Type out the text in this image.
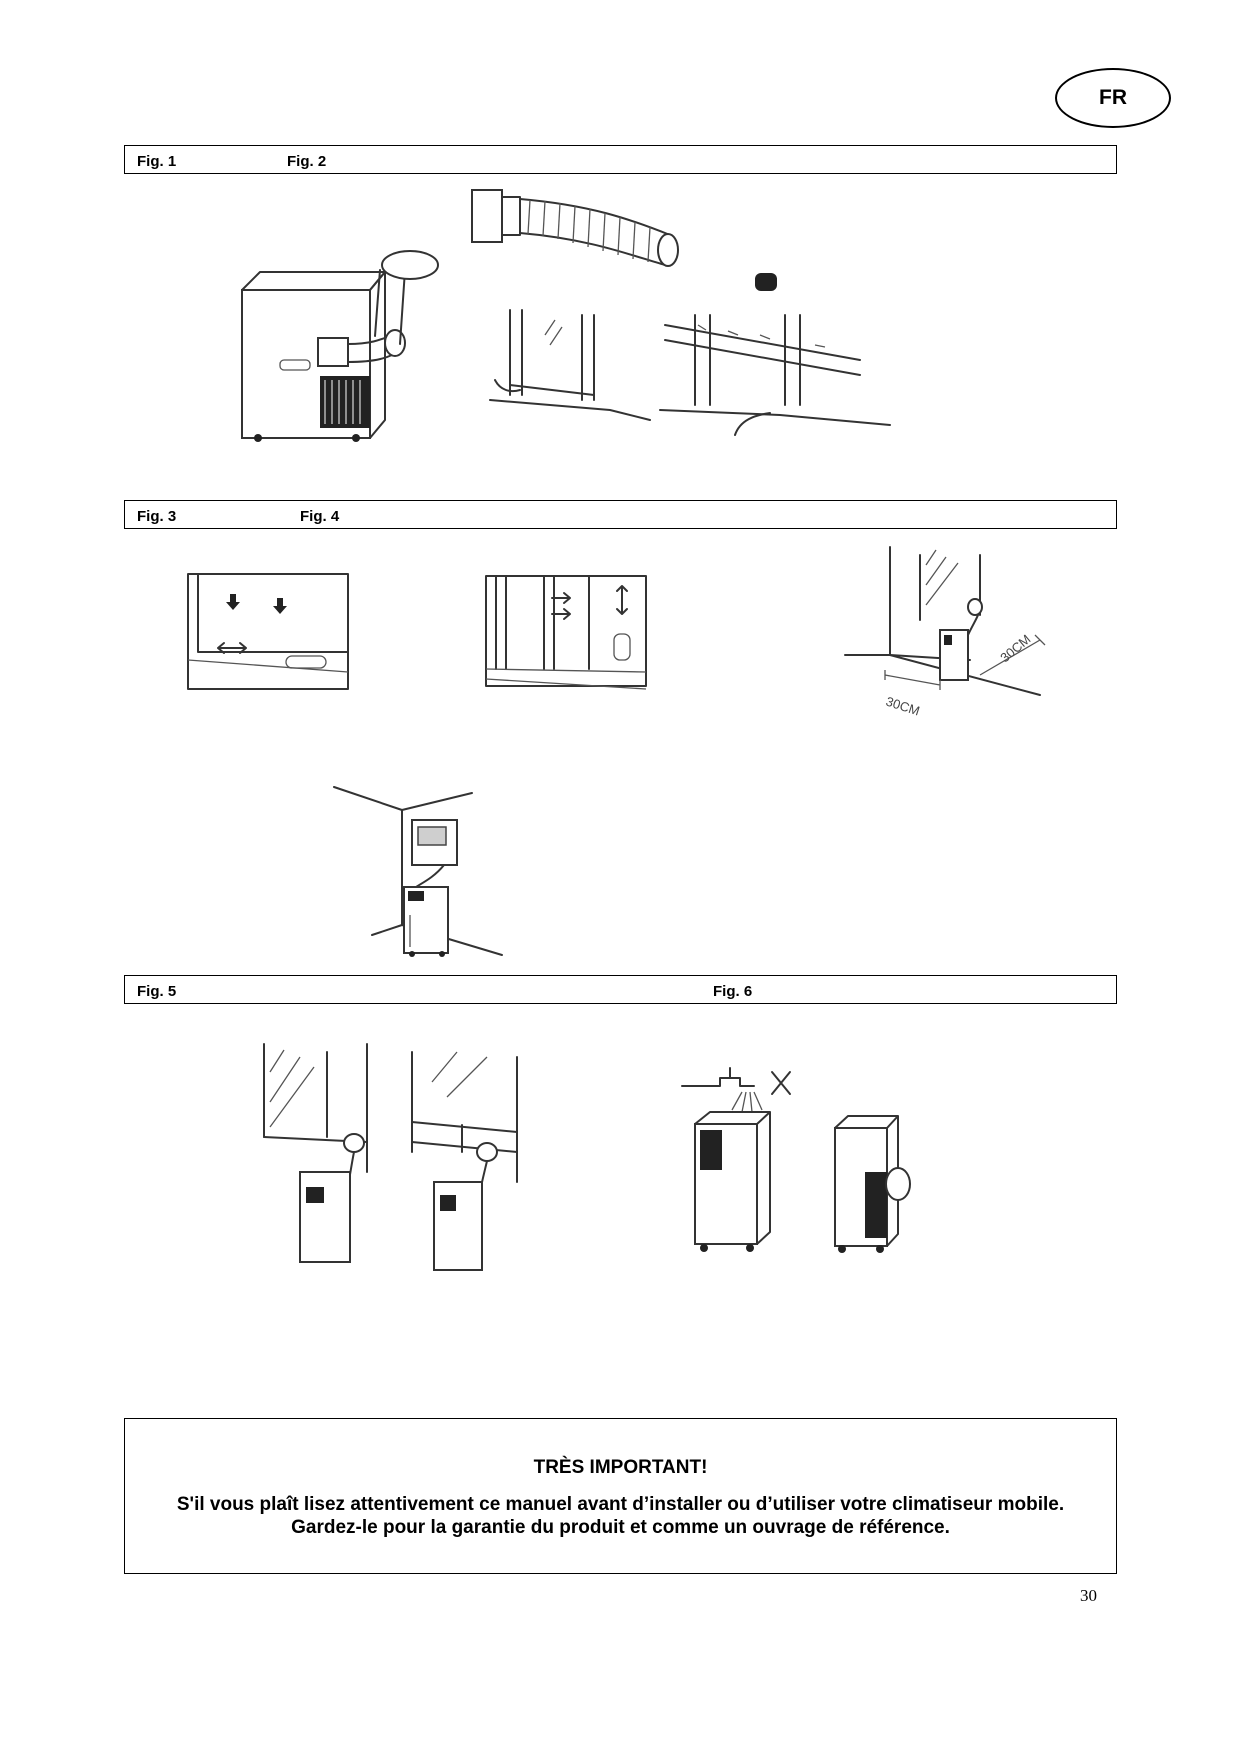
FR
Fig. 1	Fig. 2
Fig. 3	Fig. 4
30CM
30CM
Fig. 5	Fig. 6
TRÈS IMPORTANT!
S'il vous plaît lisez attentivement ce manuel avant d’installer ou d’utiliser votre climatiseur mobile.
Gardez-le pour la garantie du produit et comme un ouvrage de référence.
30
